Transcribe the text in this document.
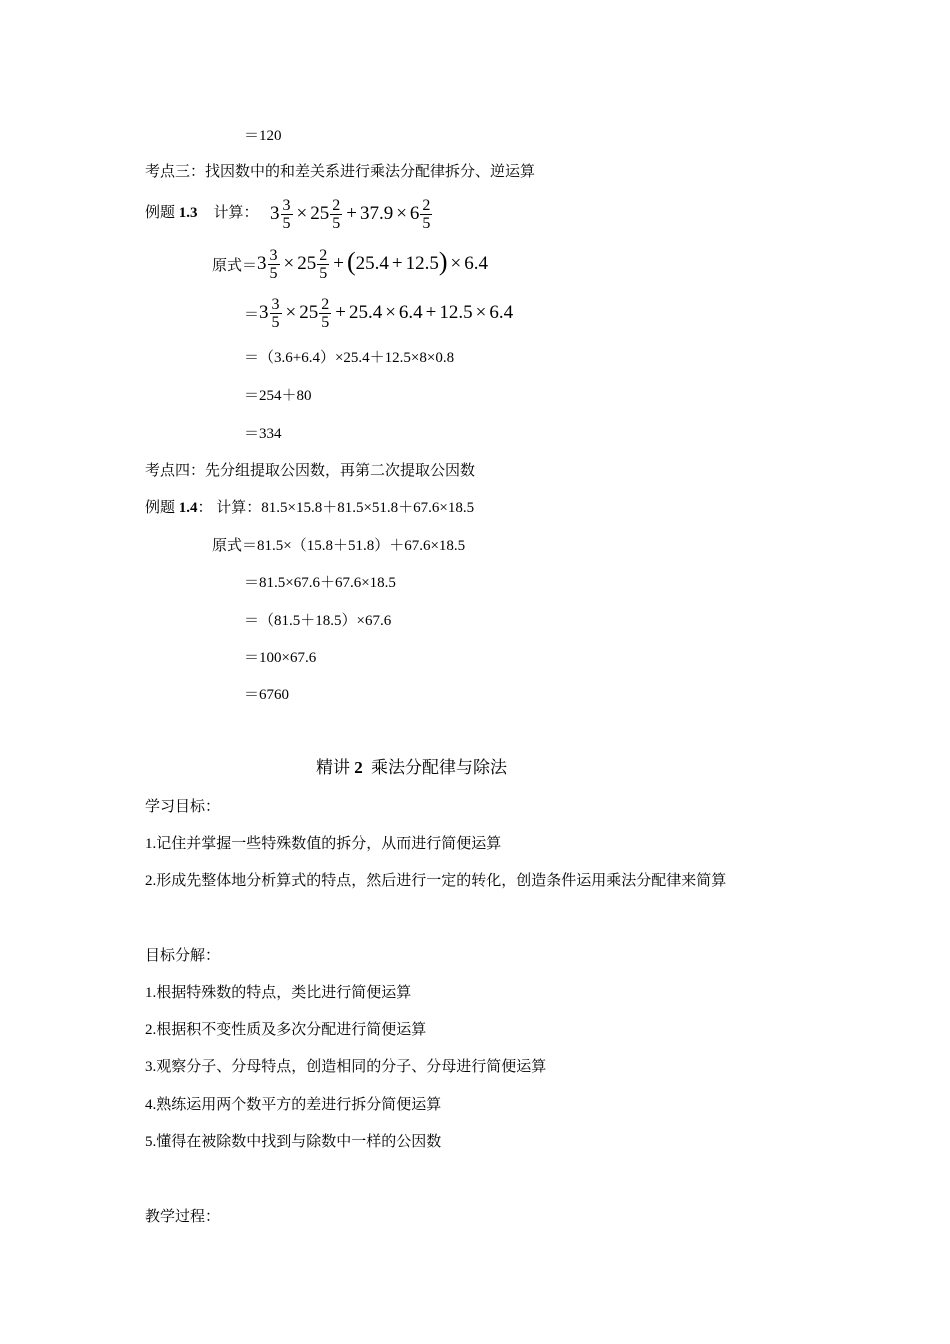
＝120
考点三：找因数中的和差关系进行乘法分配律拆分、逆运算
例题 1.3 计算： $3 \frac{3}{5} \times 25 \frac{2}{5} + 37.9 \times 6 \frac{2}{5}$
原式＝ $3 \frac{3}{5} \times 25 \frac{2}{5}$ + ( 25.4 + 12.5 ) × 6.4
＝ $3 \frac{3}{5} \times 25 \frac{2}{5} + 25.4 \times 6.4 + 12.5 \times 6.4$
＝（3.6+6.4）×25.4＋12.5×8×0.8
＝254＋80
＝334
考点四：先分组提取公因数，再第二次提取公因数
例题 1.4： 计算：81.5×15.8＋81.5×51.8＋67.6×18.5
原式＝81.5×（15.8＋51.8）＋67.6×18.5
＝81.5×67.6＋67.6×18.5
＝（81.5＋18.5）×67.6
＝100×67.6
＝6760
精讲 2 乘法分配律与除法
学习目标：
1.记住并掌握一些特殊数值的拆分，从而进行简便运算
2.形成先整体地分析算式的特点，然后进行一定的转化，创造条件运用乘法分配律来简算
目标分解：
1.根据特殊数的特点，类比进行简便运算
2.根据积不变性质及多次分配进行简便运算
3.观察分子、分母特点，创造相同的分子、分母进行简便运算
4.熟练运用两个数平方的差进行拆分简便运算
5.懂得在被除数中找到与除数中一样的公因数
教学过程：
